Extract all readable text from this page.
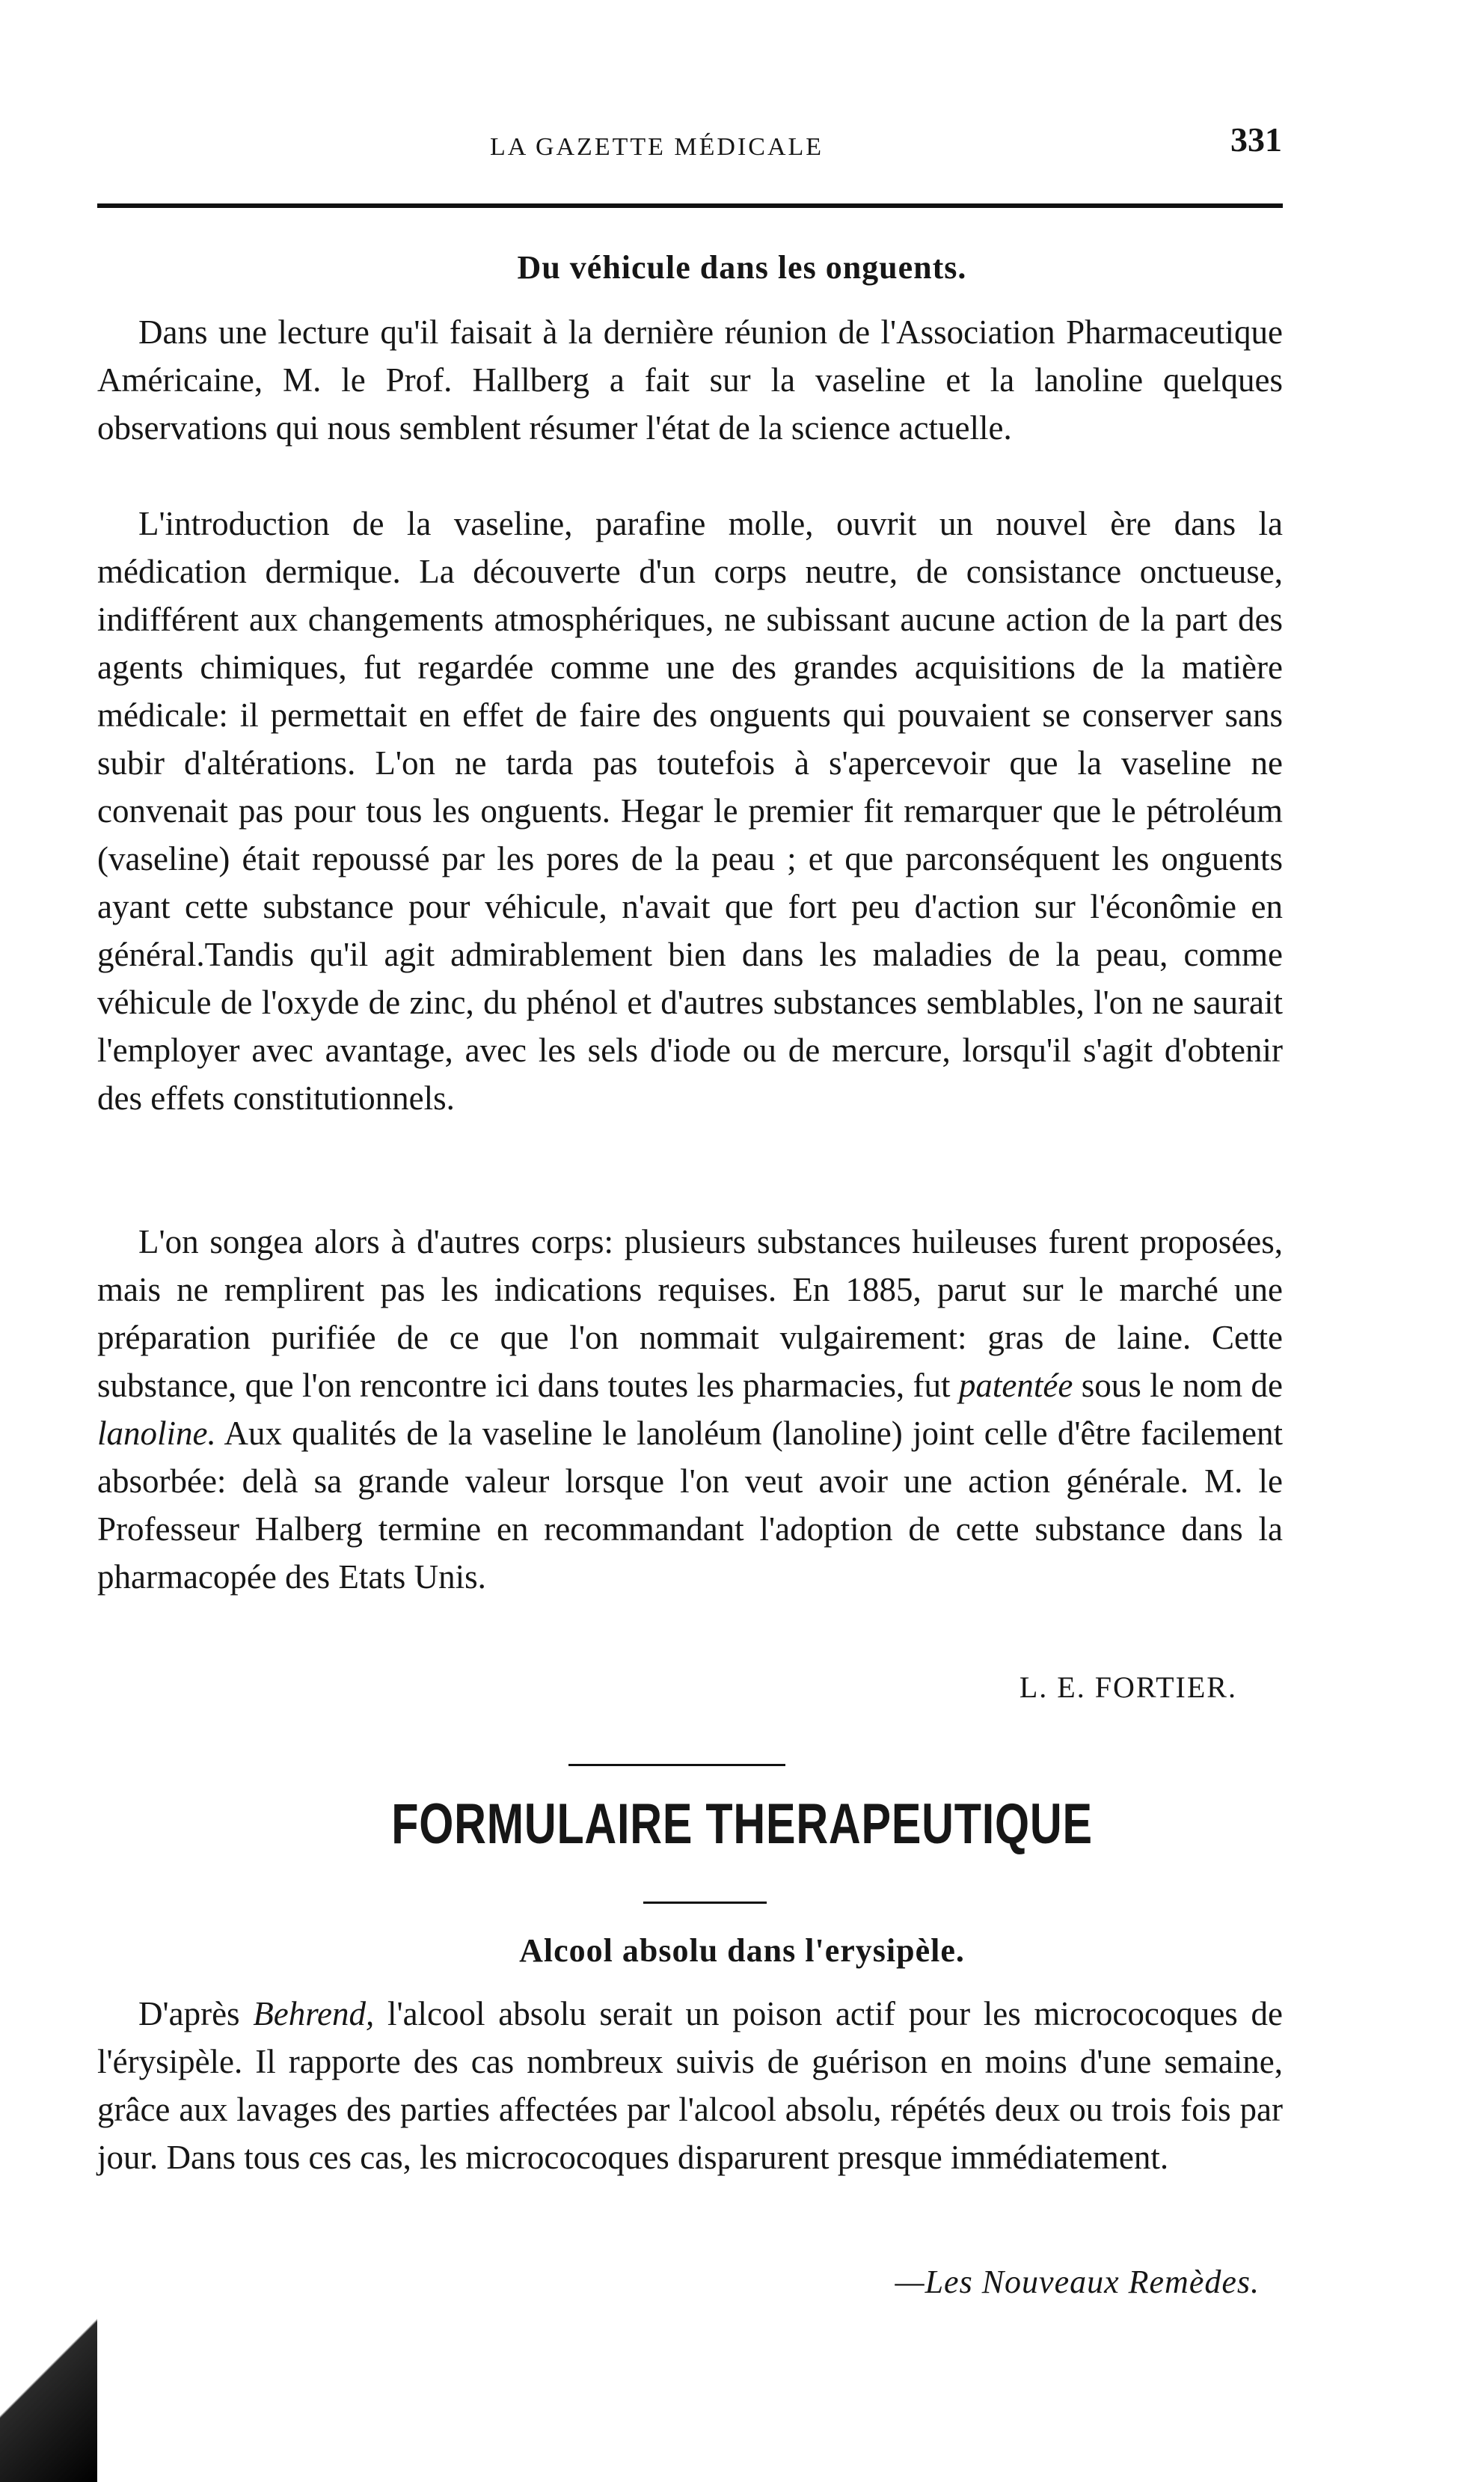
LA GAZETTE MÉDICALE	331
Du véhicule dans les onguents.

Dans une lecture qu'il faisait à la dernière réunion de l'Association Pharmaceutique Américaine, M. le Prof. Hallberg a fait sur la vaseline et la lanoline quelques observations qui nous semblent résumer l'état de la science actuelle.

L'introduction de la vaseline, parafine molle, ouvrit un nouvel ère dans la médication dermique. La découverte d'un corps neutre, de consistance onctueuse, indifférent aux changements atmosphériques, ne subissant aucune action de la part des agents chimiques, fut regardée comme une des grandes acquisitions de la matière médicale: il permettait en effet de faire des onguents qui pouvaient se conserver sans subir d'altérations. L'on ne tarda pas toutefois à s'apercevoir que la vaseline ne convenait pas pour tous les onguents. Hegar le premier fit remarquer que le pétroléum (vaseline) était repoussé par les pores de la peau ; et que parconséquent les onguents ayant cette substance pour véhicule, n'avait que fort peu d'action sur l'éconômie en général.Tandis qu'il agit admirablement bien dans les maladies de la peau, comme véhicule de l'oxyde de zinc, du phénol et d'autres substances semblables, l'on ne saurait l'employer avec avantage, avec les sels d'iode ou de mercure, lorsqu'il s'agit d'obtenir des effets constitutionnels.

L'on songea alors à d'autres corps: plusieurs substances huileuses furent proposées, mais ne remplirent pas les indications requises. En 1885, parut sur le marché une préparation purifiée de ce que l'on nommait vulgairement: gras de laine. Cette substance, que l'on rencontre ici dans toutes les pharmacies, fut patentée sous le nom de lanoline. Aux qualités de la vaseline le lanoléum (lanoline) joint celle d'être facilement absorbée: delà sa grande valeur lorsque l'on veut avoir une action générale. M. le Professeur Halberg termine en recommandant l'adoption de cette substance dans la pharmacopée des Etats Unis.

L. E. FORTIER.
FORMULAIRE THERAPEUTIQUE
Alcool absolu dans l'erysipèle.

D'après Behrend, l'alcool absolu serait un poison actif pour les micrococoques de l'érysipèle. Il rapporte des cas nombreux suivis de guérison en moins d'une semaine, grâce aux lavages des parties affectées par l'alcool absolu, répétés deux ou trois fois par jour. Dans tous ces cas, les micrococoques disparurent presque immédiatement.

—Les Nouveaux Remèdes.
